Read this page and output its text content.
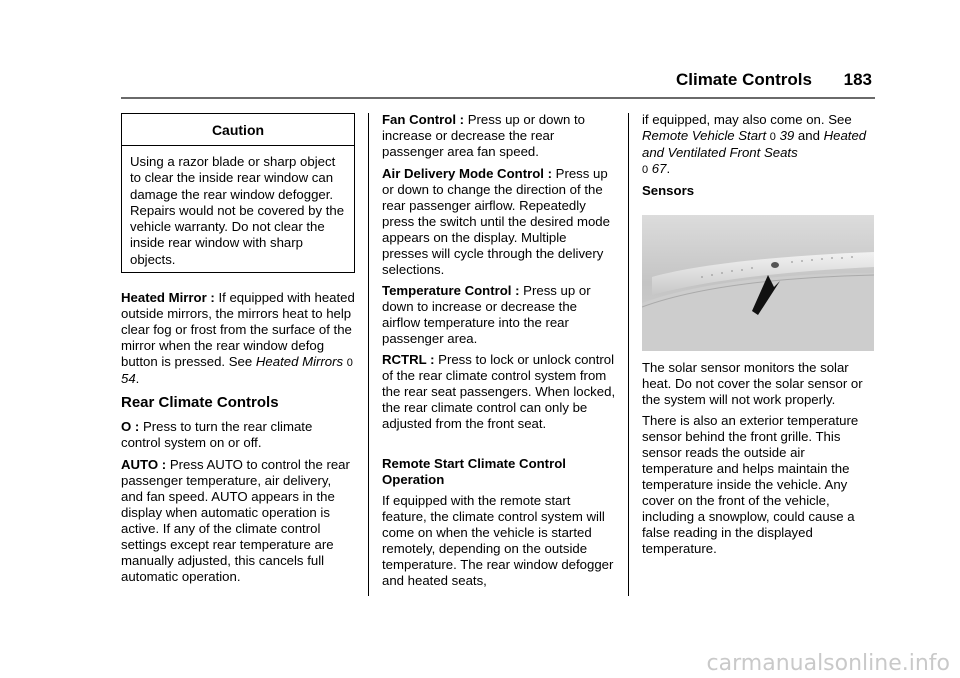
Climate Controls 183
Caution
Using a razor blade or sharp object to clear the inside rear window can damage the rear window defogger. Repairs would not be covered by the vehicle warranty. Do not clear the inside rear window with sharp objects.
Heated Mirror : If equipped with heated outside mirrors, the mirrors heat to help clear fog or frost from the surface of the mirror when the rear window defog button is pressed. See Heated Mirrors 0 54.
Rear Climate Controls
O : Press to turn the rear climate control system on or off.
AUTO : Press AUTO to control the rear passenger temperature, air delivery, and fan speed. AUTO appears in the display when automatic operation is active. If any of the climate control settings except rear temperature are manually adjusted, this cancels full automatic operation.
Fan Control : Press up or down to increase or decrease the rear passenger area fan speed.
Air Delivery Mode Control : Press up or down to change the direction of the rear passenger airflow. Repeatedly press the switch until the desired mode appears on the display. Multiple presses will cycle through the delivery selections.
Temperature Control : Press up or down to increase or decrease the airflow temperature into the rear passenger area.
RCTRL : Press to lock or unlock control of the rear climate control system from the rear seat passengers. When locked, the rear climate control can only be adjusted from the front seat.
Remote Start Climate Control Operation
If equipped with the remote start feature, the climate control system will come on when the vehicle is started remotely, depending on the outside temperature. The rear window defogger and heated seats,
if equipped, may also come on. See Remote Vehicle Start 0 39 and Heated and Ventilated Front Seats
0 67.
Sensors
The solar sensor monitors the solar heat. Do not cover the solar sensor or the system will not work properly.
There is also an exterior temperature sensor behind the front grille. This sensor reads the outside air temperature and helps maintain the temperature inside the vehicle. Any cover on the front of the vehicle, including a snowplow, could cause a false reading in the displayed temperature.
carmanualsonline.info
